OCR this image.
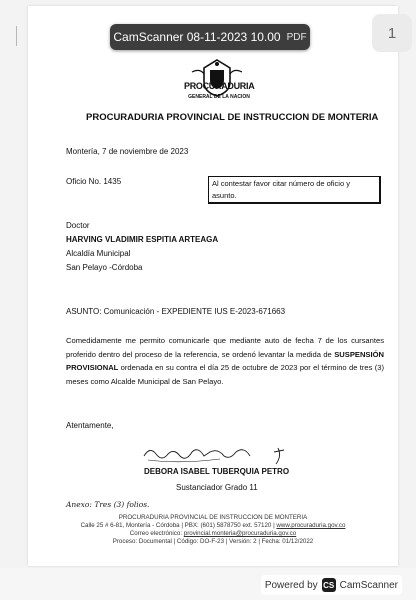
PROCURADURIA
GENERAL DE LA NACION
PROCURADURIA PROVINCIAL DE INSTRUCCION DE MONTERIA
Montería, 7 de noviembre de 2023
Oficio No. 1435	Al contestar favor citar número de oficio y asunto.
Doctor
HARVING VLADIMIR ESPITIA ARTEAGA
Alcaldía Municipal
San Pelayo -Córdoba
ASUNTO: Comunicación - EXPEDIENTE IUS E-2023-671663
Comedidamente me permito comunicarle que mediante auto de fecha 7 de los cursantes proferido dentro del proceso de la referencia, se ordenó levantar la medida de SUSPENSIÓN PROVISIONAL ordenada en su contra el día 25 de octubre de 2023 por el término de tres (3) meses como Alcalde Municipal de San Pelayo.
Atentamente,
DEBORA ISABEL TUBERQUIA PETRO
Sustanciador Grado 11
Anexo: Tres (3) folios.
PROCURADURIA PROVINCIAL DE INSTRUCCION DE MONTERIA
Calle 25 # 6-81, Montería - Córdoba | PBX: (601) 5878750 ext. 57120 | www.procuraduria.gov.co
Correo electrónico: provincial.monteria@procuraduria.gov.co
Proceso: Documental | Código: DO-F-23 | Versión: 2 | Fecha: 01/12/2022
CamScanner 08-11-2023 10.00 PDF	1
Powered by CS CamScanner
